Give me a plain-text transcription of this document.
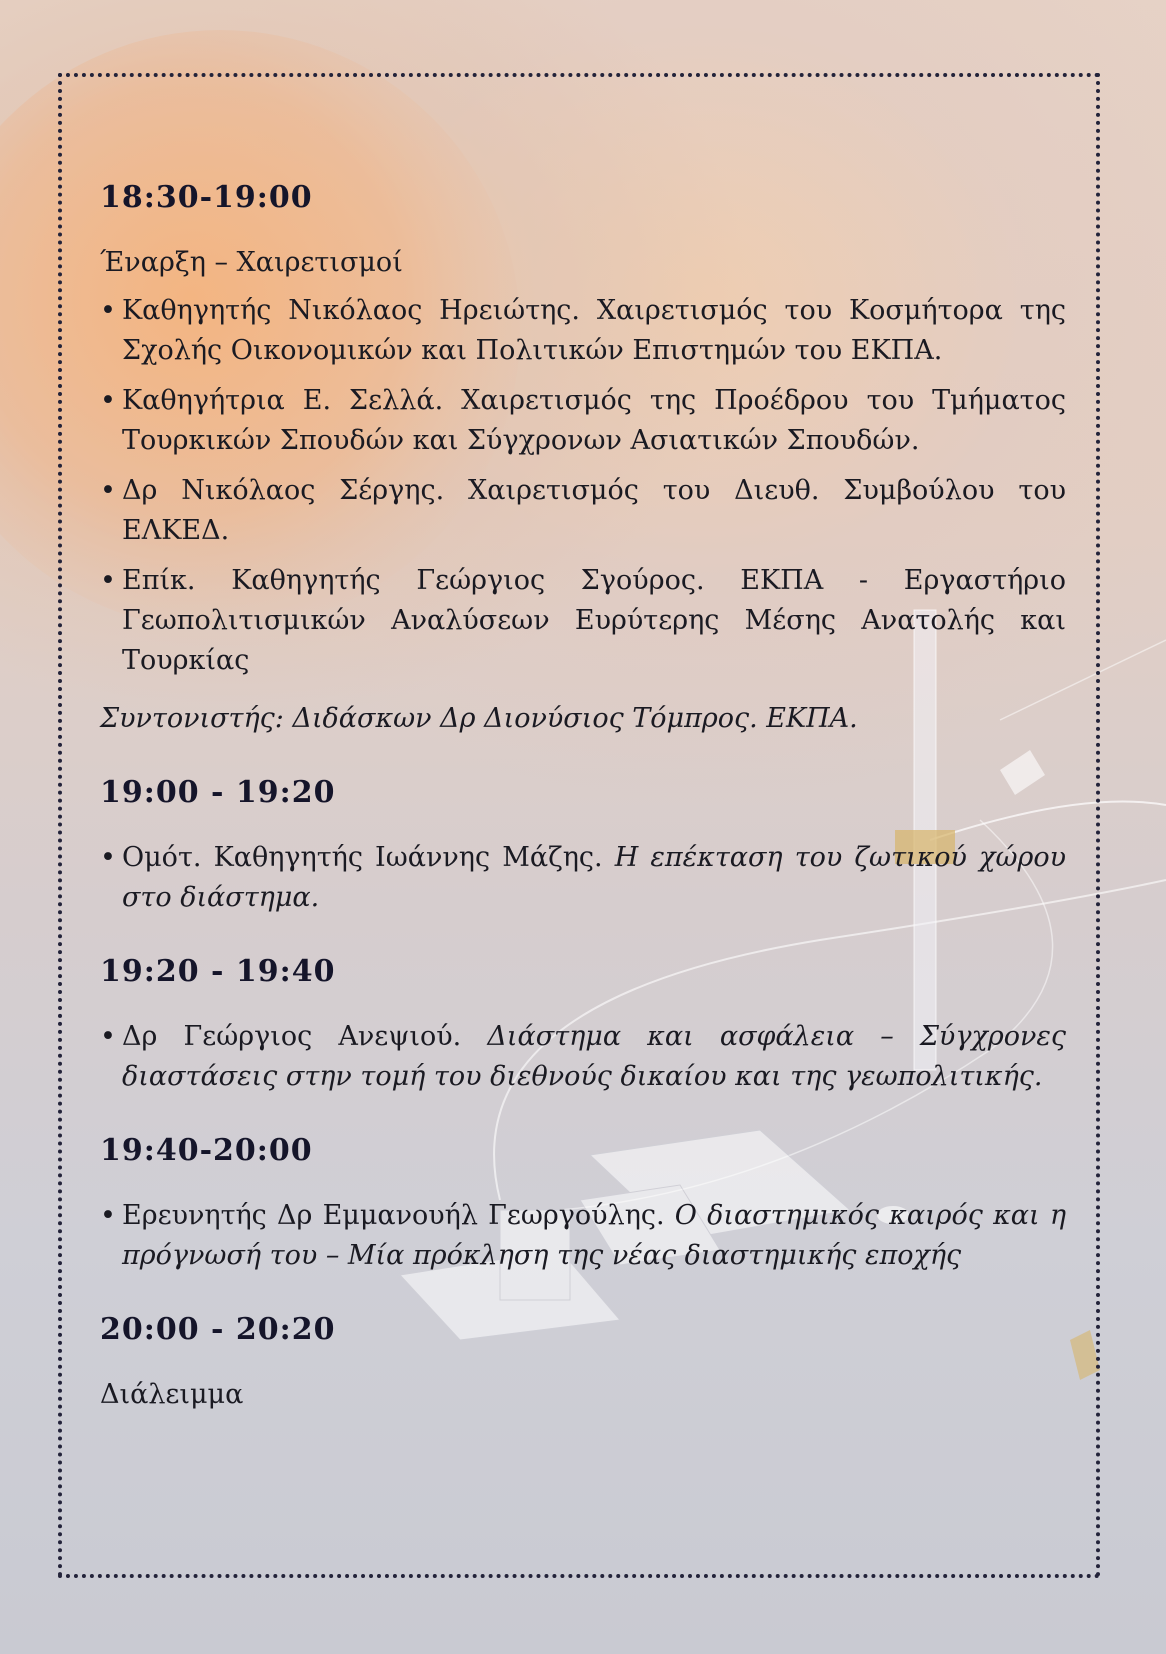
18:30-19:00
Έναρξη – Χαιρετισμοί
• Καθηγητής Νικόλαος Ηρειώτης. Χαιρετισμός του Κοσμήτορα της Σχολής Οικονομικών και Πολιτικών Επιστημών του ΕΚΠΑ.
• Καθηγήτρια Ε. Σελλά. Χαιρετισμός της Προέδρου του Τμήματος Τουρκικών Σπουδών και Σύγχρονων Ασιατικών Σπουδών.
• Δρ Νικόλαος Σέργης. Χαιρετισμός του Διευθ. Συμβούλου του ΕΛΚΕΔ.
• Επίκ. Καθηγητής Γεώργιος Σγούρος. ΕΚΠΑ - Εργαστήριο Γεωπολιτισμικών Αναλύσεων Ευρύτερης Μέσης Ανατολής και Τουρκίας
Συντονιστής: Διδάσκων Δρ Διονύσιος Τόμπρος. ΕΚΠΑ.
19:00 - 19:20
• Ομότ. Καθηγητής Ιωάννης Μάζης. Η επέκταση του ζωτικού χώρου στο διάστημα.
19:20 - 19:40
• Δρ Γεώργιος Ανεψιού. Διάστημα και ασφάλεια – Σύγχρονες διαστάσεις στην τομή του διεθνούς δικαίου και της γεωπολιτικής.
19:40-20:00
• Ερευνητής Δρ Εμμανουήλ Γεωργούλης. Ο διαστημικός καιρός και η πρόγνωσή του – Μία πρόκληση της νέας διαστημικής εποχής
20:00 - 20:20
Διάλειμμα
